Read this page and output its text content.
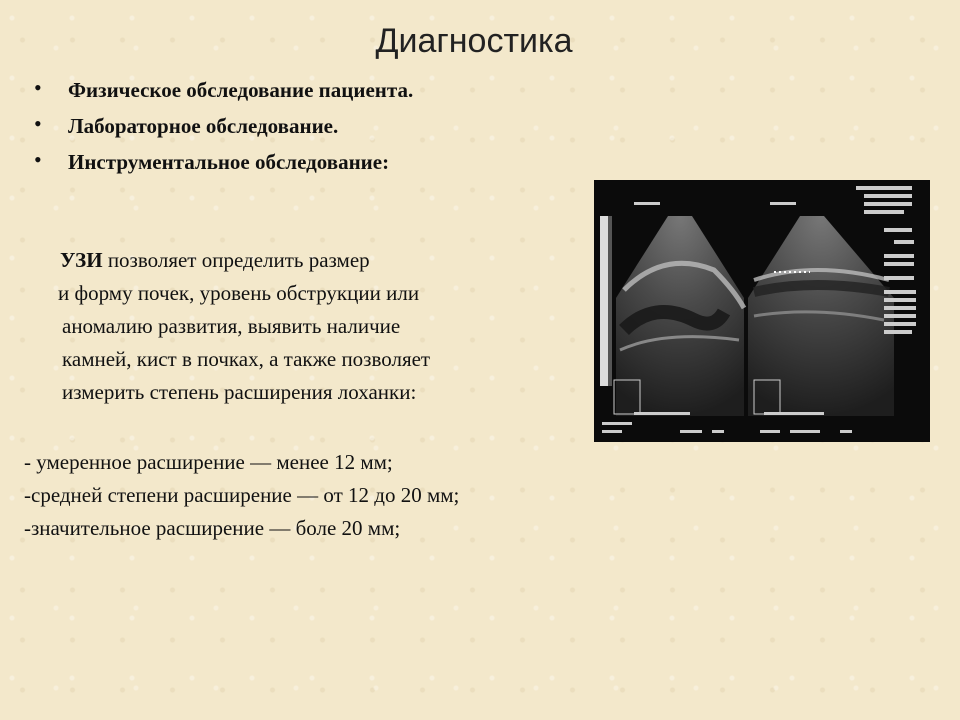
Диагностика
• Физическое обследование пациента.
• Лабораторное обследование.
• Инструментальное обследование:
УЗИ позволяет определить размер
и форму почек, уровень обструкции или
аномалию развития, выявить наличие
камней, кист в почках, а также позволяет
измерить степень расширения лоханки:
- умеренное расширение — менее 12 мм;
-средней степени расширение — от 12 до 20 мм;
-значительное расширение — боле 20 мм;
